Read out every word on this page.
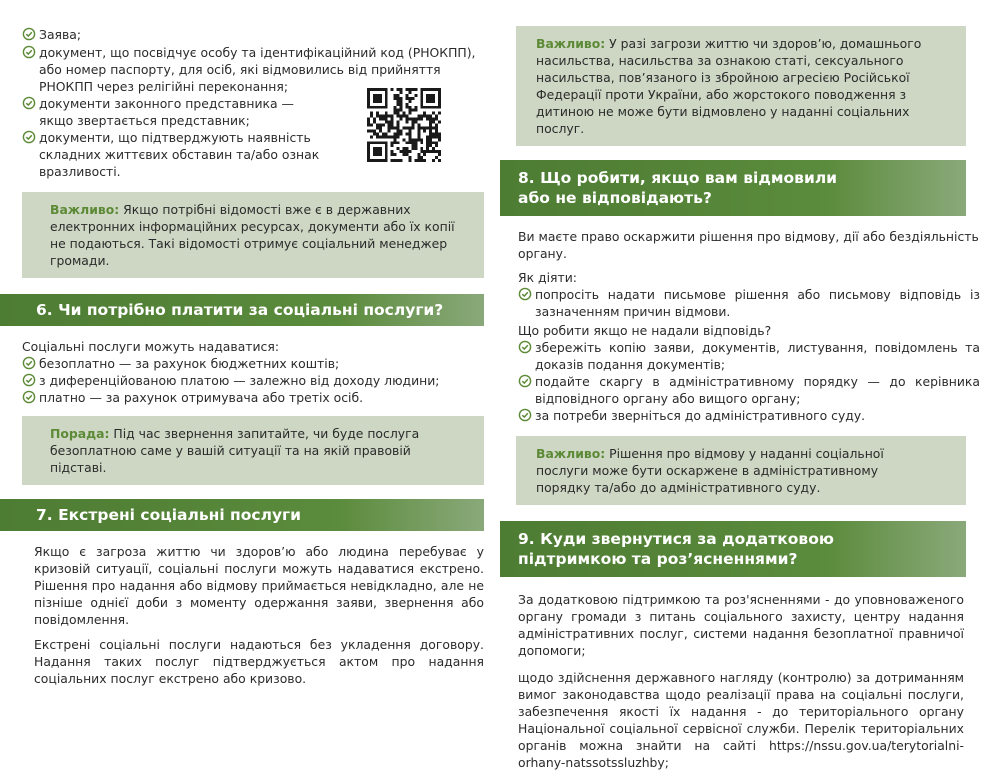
Заява;
документ, що посвідчує особу та ідентифікаційний код (РНОКПП), або номер паспорту, для осіб, які відмовились від прийняття РНОКПП через релігійні переконання;
документи законного представника — якщо звертається представник;
документи, що підтверджують наявність складних життєвих обставин та/або ознак вразливості.
Важливо: Якщо потрібні відомості вже є в державних електронних інформаційних ресурсах, документи або їх копії не подаються. Такі відомості отримує соціальний менеджер громади.
6. Чи потрібно платити за соціальні послуги?
Соціальні послуги можуть надаватися:
безоплатно — за рахунок бюджетних коштів;
з диференційованою платою — залежно від доходу людини;
платно — за рахунок отримувача або третіх осіб.
Порада: Під час звернення запитайте, чи буде послуга безоплатною саме у вашій ситуації та на якій правовій підставі.
7. Екстрені соціальні послуги
Якщо є загроза життю чи здоров’ю або людина перебуває у кризовій ситуації, соціальні послуги можуть надаватися екстрено. Рішення про надання або відмову приймається невідкладно, але не пізніше однієї доби з моменту одержання заяви, звернення або повідомлення.
Екстрені соціальні послуги надаються без укладення договору. Надання таких послуг підтверджується актом про надання соціальних послуг екстрено або кризово.
Важливо: У разі загрози життю чи здоров’ю, домашнього насильства, насильства за ознакою статі, сексуального насильства, пов’язаного із збройною агресією Російської Федерації проти України, або жорстокого поводження з дитиною не може бути відмовлено у наданні соціальних послуг.
8. Що робити, якщо вам відмовили або не відповідають?
Ви маєте право оскаржити рішення про відмову, дії або бездіяльність органу.
Як діяти:
попросіть надати письмове рішення або письмову відповідь із зазначенням причин відмови.
Що робити якщо не надали відповідь?
збережіть копію заяви, документів, листування, повідомлень та доказів подання документів;
подайте скаргу в адміністративному порядку — до керівника відповідного органу або вищого органу;
за потреби зверніться до адміністративного суду.
Важливо: Рішення про відмову у наданні соціальної послуги може бути оскаржене в адміністративному порядку та/або до адміністративного суду.
9. Куди звернутися за додатковою підтримкою та роз’ясненнями?
За додатковою підтримкою та роз'ясненнями - до уповноваженого органу громади з питань соціального захисту, центру надання адміністративних послуг, системи надання безоплатної правничої допомоги;
щодо здійснення державного нагляду (контролю) за дотриманням вимог законодавства щодо реалізації права на соціальні послуги, забезпечення якості їх надання - до територіального органу Національної соціальної сервісної служби. Перелік територіальних органів можна знайти на сайті https://nssu.gov.ua/terytorialni-orhany-natssotssluzhby;
